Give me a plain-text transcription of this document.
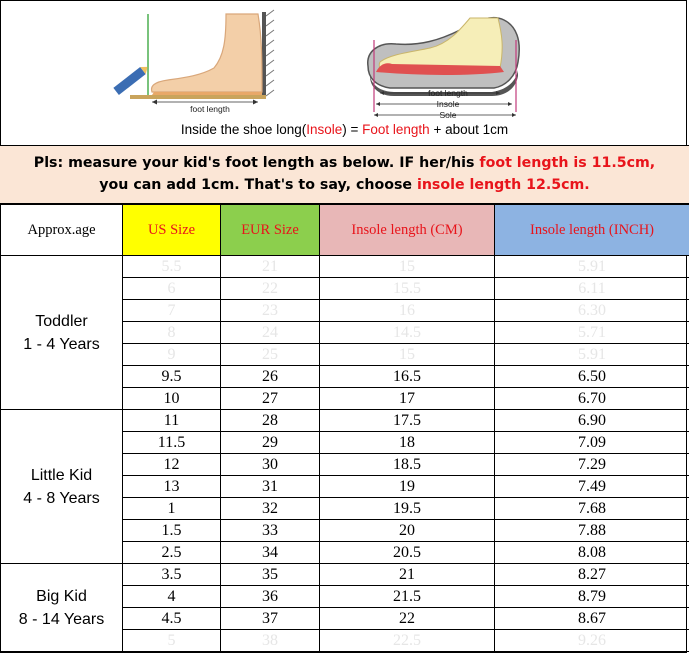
foot length
foot length
Insole
Sole
Inside the shoe long(Insole) = Foot length + about 1cm
Pls: measure your kid's foot length as below. IF her/his foot length is 11.5cm,
you can add 1cm. That's to say, choose insole length 12.5cm.
Approx.age	US Size	EUR Size	Insole length (CM)	Insole length (INCH)

Toddler
1 - 4 Years	5.5	21	15	5.91
	6	22	15.5	6.11
	7	23	16	6.30
	8	24	14.5	5.71
	9	25	15	5.91
	9.5	26	16.5	6.50
	10	27	17	6.70

Little Kid
4 - 8 Years	11	28	17.5	6.90
	11.5	29	18	7.09
	12	30	18.5	7.29
	13	31	19	7.49
	1	32	19.5	7.68
	1.5	33	20	7.88
	2.5	34	20.5	8.08

Big Kid
8 - 14 Years	3.5	35	21	8.27
	4	36	21.5	8.79
	4.5	37	22	8.67
	5	38	22.5	9.26
